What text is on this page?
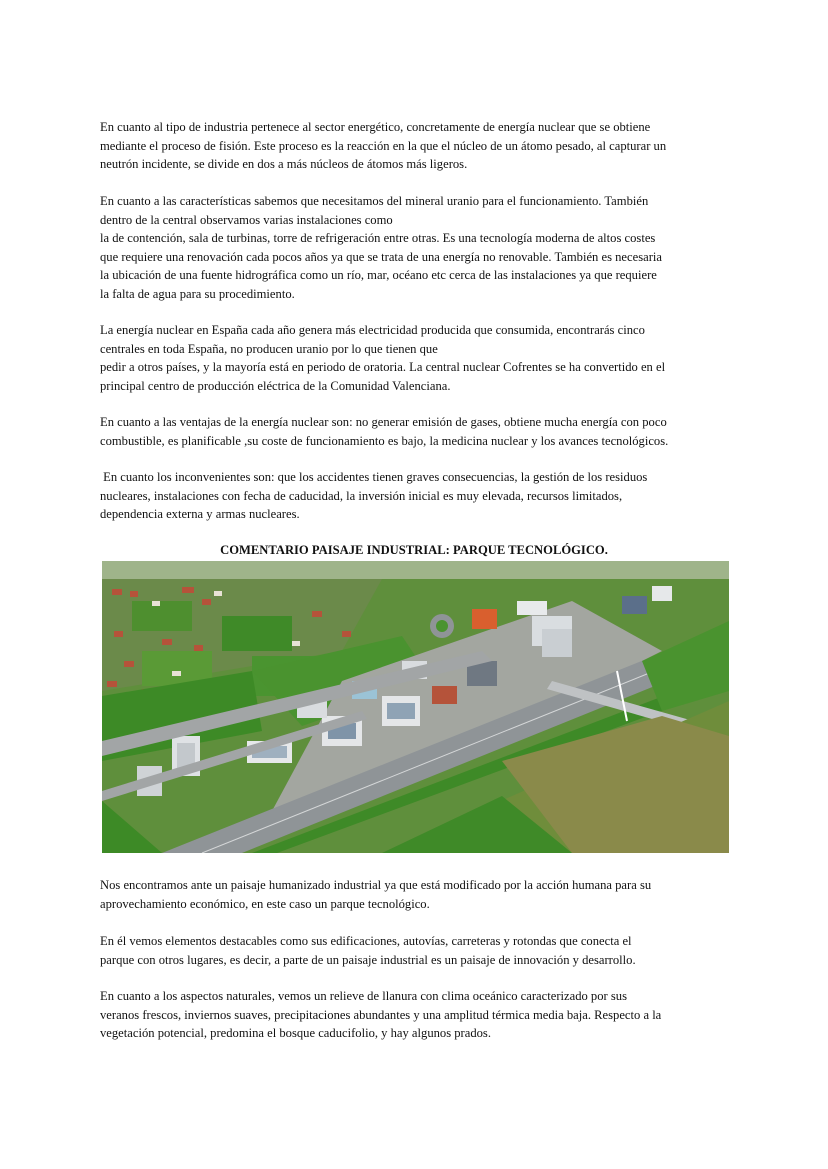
En cuanto al tipo de industria pertenece al sector energético, concretamente de energía nuclear que se obtiene
mediante el proceso de fisión. Este proceso es la reacción en la que el núcleo de un átomo pesado, al capturar un
neutrón incidente, se divide en dos a más núcleos de átomos más ligeros.
En cuanto a las características sabemos que necesitamos del mineral uranio para el funcionamiento. También
dentro de la central observamos varias instalaciones como
la de contención, sala de turbinas, torre de refrigeración entre otras. Es una tecnología moderna de altos costes
que requiere una renovación cada pocos años ya que se trata de una energía no renovable. También es necesaria
la ubicación de una fuente hidrográfica como un río, mar, océano etc cerca de las instalaciones ya que requiere
la falta de agua para su procedimiento.
La energía nuclear en España cada año genera más electricidad producida que consumida, encontrarás cinco
centrales en toda España, no producen uranio por lo que tienen que
pedir a otros países, y la mayoría está en periodo de oratoria. La central nuclear Cofrentes se ha convertido en el
principal centro de producción eléctrica de la Comunidad Valenciana.
En cuanto a las ventajas de la energía nuclear son: no generar emisión de gases, obtiene mucha energía con poco
combustible, es planificable ,su coste de funcionamiento es bajo, la medicina nuclear y los avances tecnológicos.
En cuanto los inconvenientes son: que los accidentes tienen graves consecuencias, la gestión de los residuos
nucleares, instalaciones con fecha de caducidad, la inversión inicial es muy elevada, recursos limitados,
dependencia externa y armas nucleares.
COMENTARIO PAISAJE INDUSTRIAL: PARQUE TECNOLÓGICO.
Nos encontramos ante un paisaje humanizado industrial ya que está modificado por la acción humana para su
aprovechamiento económico, en este caso un parque tecnológico.
En él vemos elementos destacables como sus edificaciones, autovías, carreteras y rotondas que conecta el
parque con otros lugares, es decir, a parte de un paisaje industrial es un paisaje de innovación y desarrollo.
En cuanto a los aspectos naturales, vemos un relieve de llanura con clima oceánico caracterizado por sus
veranos frescos, inviernos suaves, precipitaciones abundantes y una amplitud térmica media baja. Respecto a la
vegetación potencial, predomina el bosque caducifolio, y hay algunos prados.
